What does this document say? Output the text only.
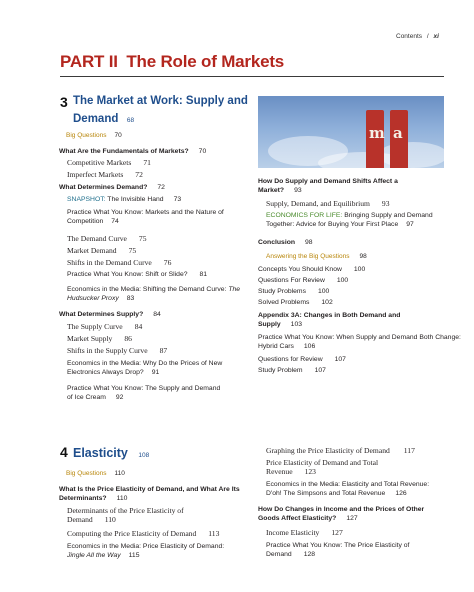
Contents / xi
PART II The Role of Markets
m a
3 The Market at Work: Supply and
Demand 68
Big Questions 70
What Are the Fundamentals of Markets? 70
Competitive Markets 71
Imperfect Markets 72
What Determines Demand? 72
SNAPSHOT: The Invisible Hand 73
Practice What You Know: Markets and the Nature of
Competition 74
The Demand Curve 75
Market Demand 75
Shifts in the Demand Curve 76
Practice What You Know: Shift or Slide? 81
Economics in the Media: Shifting the Demand Curve: The
Hudsucker Proxy 83
What Determines Supply? 84
The Supply Curve 84
Market Supply 86
Shifts in the Supply Curve 87
Economics in the Media: Why Do the Prices of New
Electronics Always Drop? 91
Practice What You Know: The Supply and Demand
of Ice Cream 92
How Do Supply and Demand Shifts Affect a
Market? 93
Supply, Demand, and Equilibrium 93
ECONOMICS FOR LIFE: Bringing Supply and Demand
Together: Advice for Buying Your First Place 97
Conclusion 98
Answering the Big Questions 98
Concepts You Should Know 100
Questions For Review 100
Study Problems 100
Solved Problems 102
Appendix 3A: Changes in Both Demand and
Supply 103
Practice What You Know: When Supply and Demand Both Change:
Hybrid Cars 106
Questions for Review 107
Study Problem 107
4 Elasticity 108
Big Questions 110
What Is the Price Elasticity of Demand, and What Are Its
Determinants? 110
Determinants of the Price Elasticity of
Demand 110
Computing the Price Elasticity of Demand 113
Economics in the Media: Price Elasticity of Demand:
Jingle All the Way 115
Graphing the Price Elasticity of Demand 117
Price Elasticity of Demand and Total
Revenue 123
Economics in the Media: Elasticity and Total Revenue:
D'oh! The Simpsons and Total Revenue 126
How Do Changes in Income and the Prices of Other
Goods Affect Elasticity? 127
Income Elasticity 127
Practice What You Know: The Price Elasticity of
Demand 128
